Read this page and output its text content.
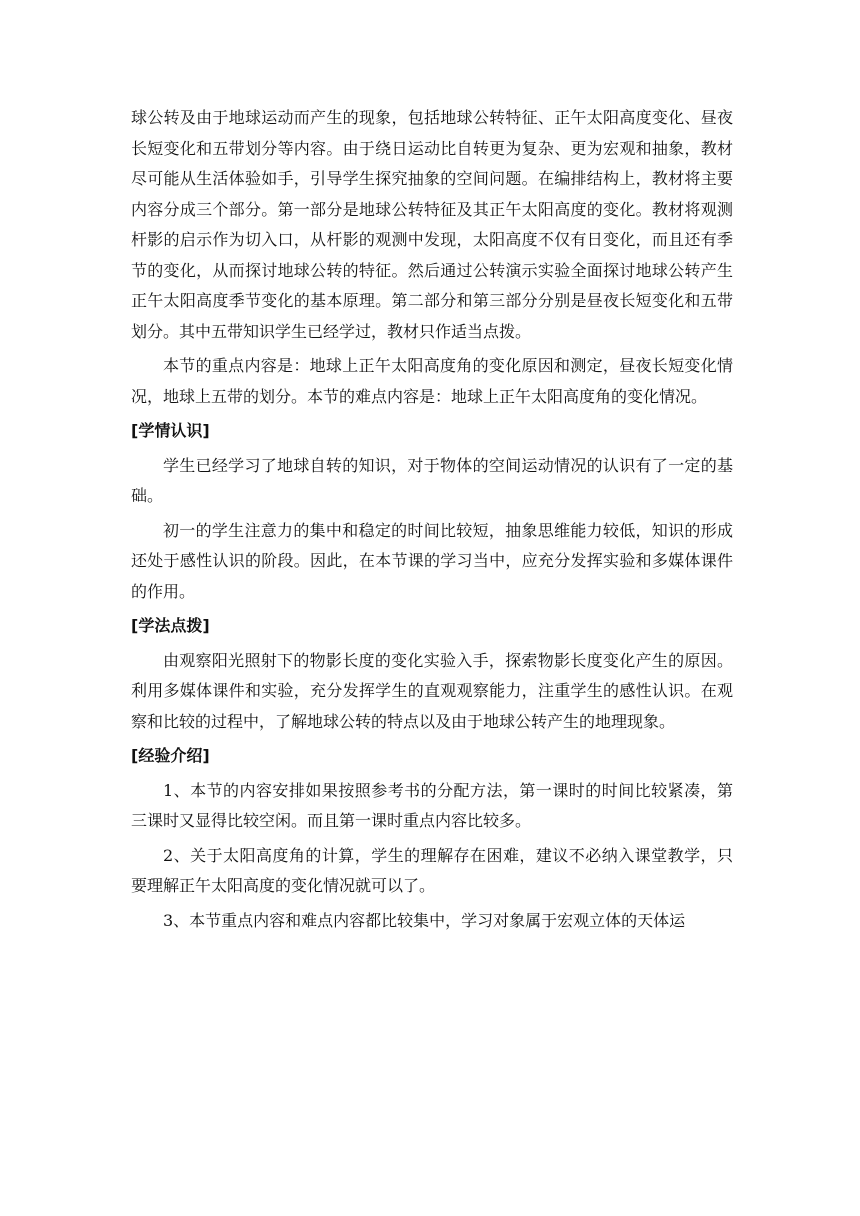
球公转及由于地球运动而产生的现象，包括地球公转特征、正午太阳高度变化、昼夜长短变化和五带划分等内容。由于绕日运动比自转更为复杂、更为宏观和抽象，教材尽可能从生活体验如手，引导学生探究抽象的空间问题。在编排结构上，教材将主要内容分成三个部分。第一部分是地球公转特征及其正午太阳高度的变化。教材将观测杆影的启示作为切入口，从杆影的观测中发现，太阳高度不仅有日变化，而且还有季节的变化，从而探讨地球公转的特征。然后通过公转演示实验全面探讨地球公转产生正午太阳高度季节变化的基本原理。第二部分和第三部分分别是昼夜长短变化和五带划分。其中五带知识学生已经学过，教材只作适当点拨。

本节的重点内容是：地球上正午太阳高度角的变化原因和测定，昼夜长短变化情况，地球上五带的划分。本节的难点内容是：地球上正午太阳高度角的变化情况。

[学情认识]

学生已经学习了地球自转的知识，对于物体的空间运动情况的认识有了一定的基础。

初一的学生注意力的集中和稳定的时间比较短，抽象思维能力较低，知识的形成还处于感性认识的阶段。因此，在本节课的学习当中，应充分发挥实验和多媒体课件的作用。

[学法点拨]

由观察阳光照射下的物影长度的变化实验入手，探索物影长度变化产生的原因。利用多媒体课件和实验，充分发挥学生的直观观察能力，注重学生的感性认识。在观察和比较的过程中，了解地球公转的特点以及由于地球公转产生的地理现象。

[经验介绍]

1、本节的内容安排如果按照参考书的分配方法，第一课时的时间比较紧凑，第三课时又显得比较空闲。而且第一课时重点内容比较多。

2、关于太阳高度角的计算，学生的理解存在困难，建议不必纳入课堂教学，只要理解正午太阳高度的变化情况就可以了。

3、本节重点内容和难点内容都比较集中，学习对象属于宏观立体的天体运
